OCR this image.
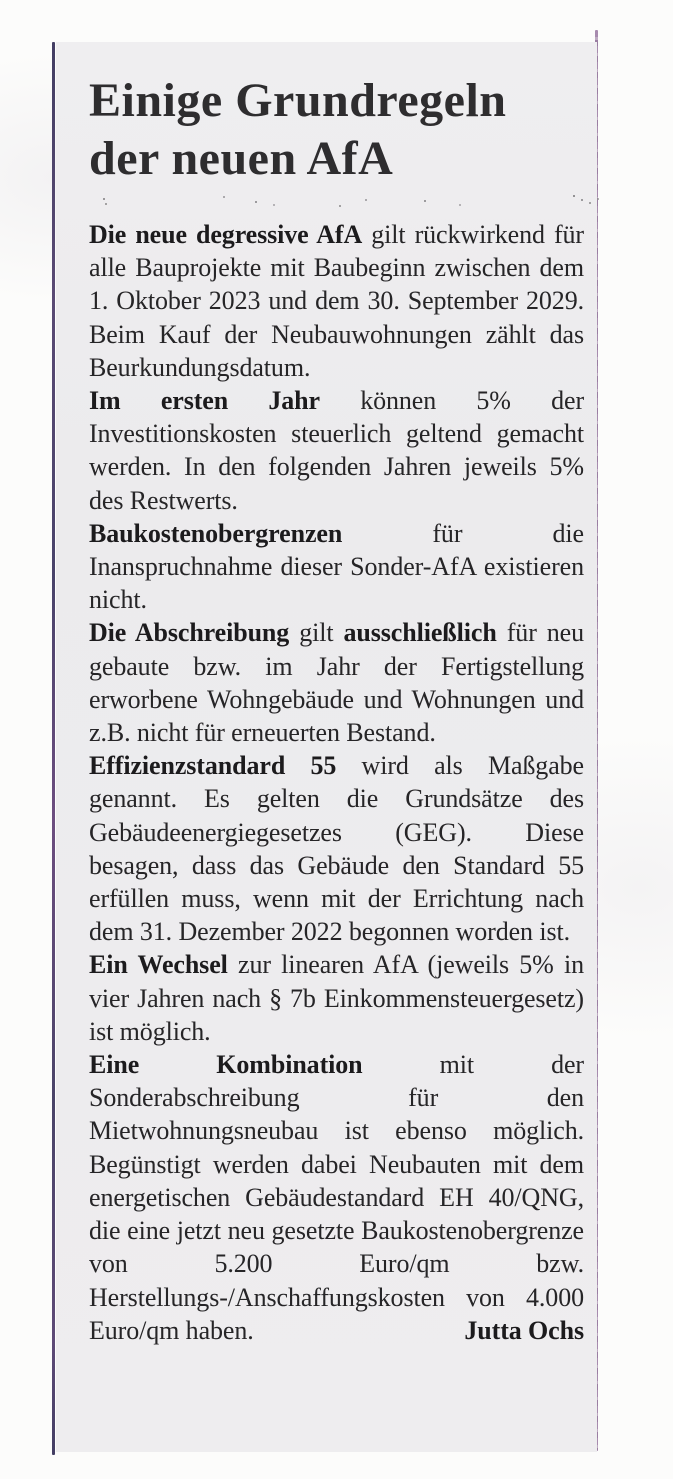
Einige Grundregeln
der neuen AfA

Die neue degressive AfA gilt rückwirkend für alle Bauprojekte mit Baubeginn zwischen dem 1. Oktober 2023 und dem 30. September 2029. Beim Kauf der Neubauwohnungen zählt das Beurkundungsdatum.

Im ersten Jahr können 5% der Investitionskosten steuerlich geltend gemacht werden. In den folgenden Jahren jeweils 5% des Restwerts.

Baukostenobergrenzen für die Inanspruchnahme dieser Sonder-AfA existieren nicht.

Die Abschreibung gilt ausschließlich für neu gebaute bzw. im Jahr der Fertigstellung erworbene Wohngebäude und Wohnungen und z.B. nicht für erneuerten Bestand.

Effizienzstandard 55 wird als Maßgabe genannt. Es gelten die Grundsätze des Gebäudeenergiegesetzes (GEG). Diese besagen, dass das Gebäude den Standard 55 erfüllen muss, wenn mit der Errichtung nach dem 31. Dezember 2022 begonnen worden ist.

Ein Wechsel zur linearen AfA (jeweils 5% in vier Jahren nach § 7b Einkommensteuergesetz) ist möglich.

Eine Kombination mit der Sonderabschreibung für den Mietwohnungsneubau ist ebenso möglich. Begünstigt werden dabei Neubauten mit dem energetischen Gebäudestandard EH 40/QNG, die eine jetzt neu gesetzte Baukostenobergrenze von 5.200 Euro/qm bzw. Herstellungs-/Anschaffungskosten von 4.000 Euro/qm haben.	Jutta Ochs
